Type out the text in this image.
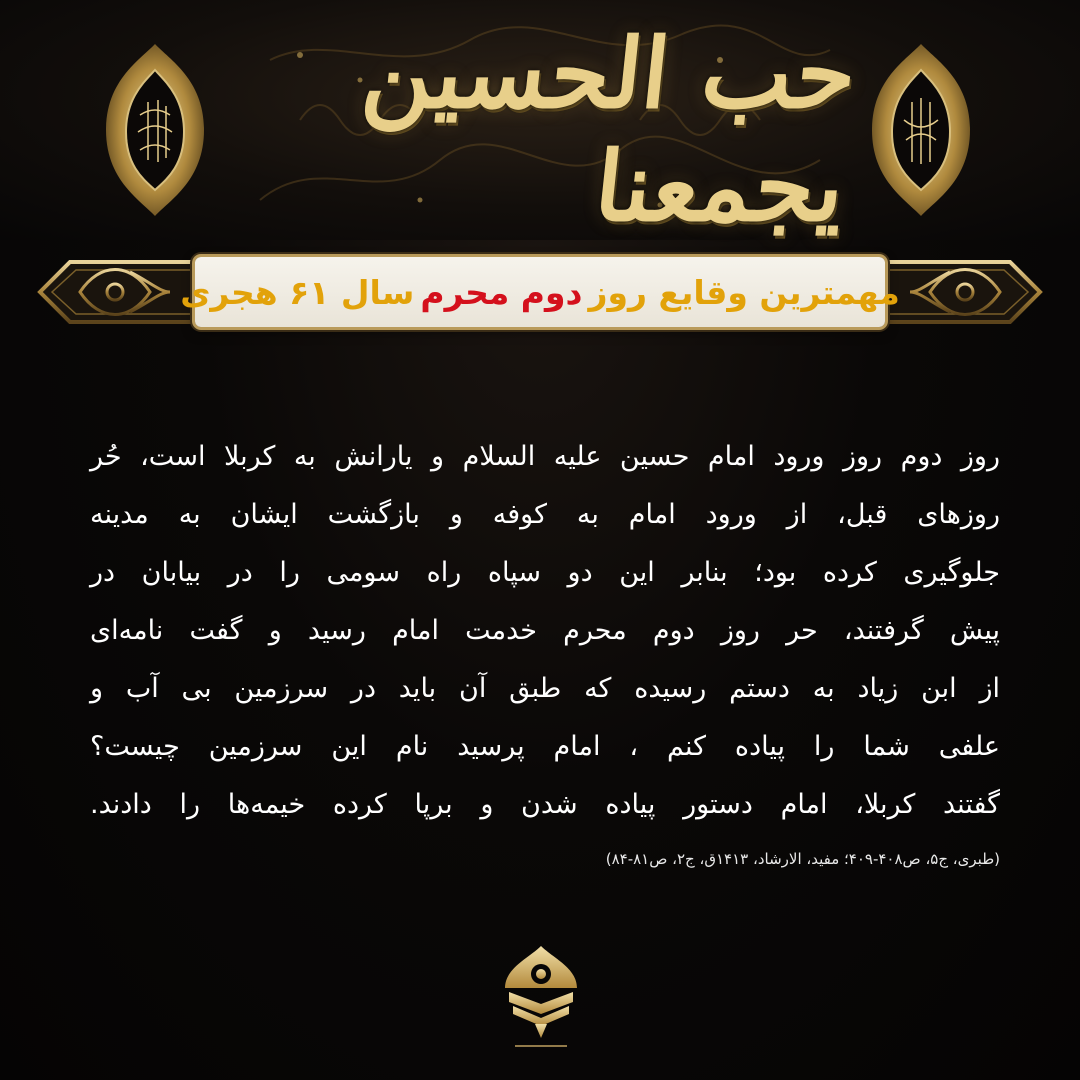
حب الحسين يجمعنا
مهمترین وقایع روز
دوم محرم
سال ۶۱ هجری
روز دوم روز ورود امام حسین علیه السلام و یارانش به کربلا است، حُر
روزهای قبل، از ورود امام به کوفه و بازگشت ایشان به مدینه
جلوگیری کرده بود؛ بنابر این دو سپاه راه سومی را در بیابان در
پیش گرفتند، حر روز دوم محرم خدمت امام رسید و گفت نامه‌ای
از ابن زیاد به دستم رسیده که طبق آن باید در سرزمین بی آب و
علفی شما را پیاده کنم ، امام پرسید نام این سرزمین چیست؟
گفتند کربلا، امام دستور پیاده شدن و برپا کرده خیمه‌ها را دادند.
(طبری، ج۵، ص۴۰۸-۴۰۹؛ مفید، الارشاد، ۱۴۱۳ق، ج۲، ص۸۱-۸۴)
